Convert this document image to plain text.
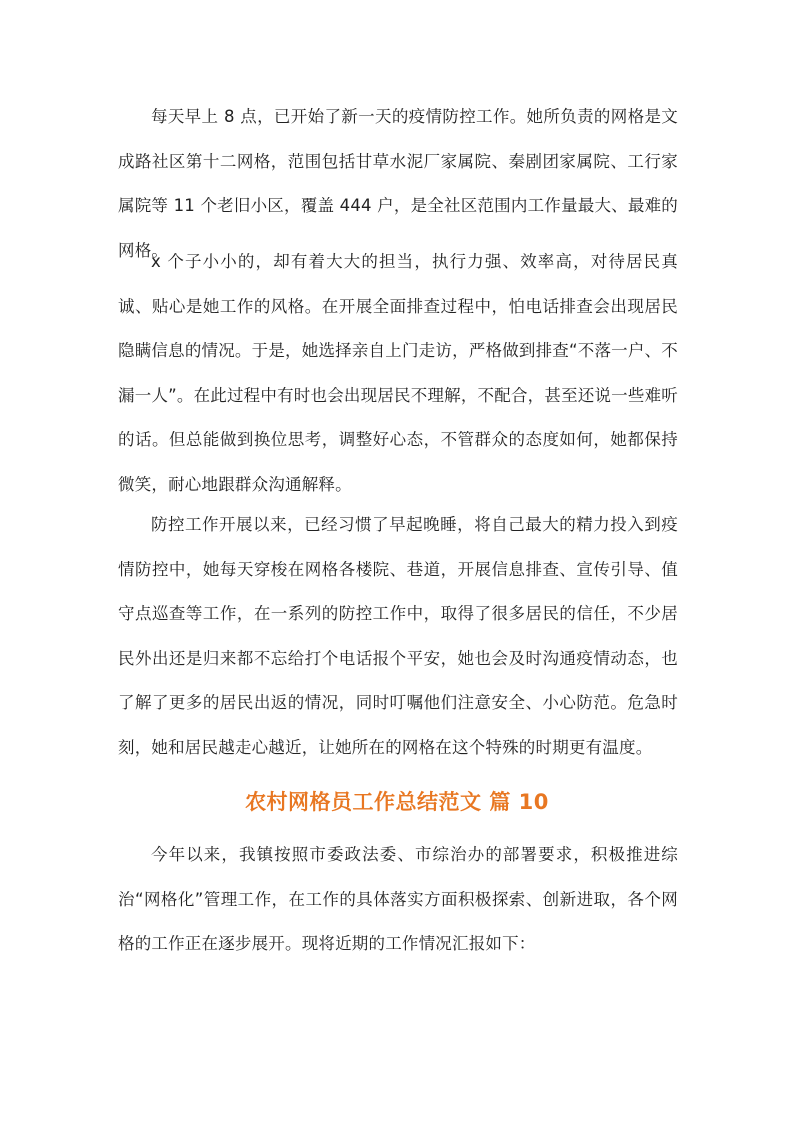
每天早上 8 点，已开始了新一天的疫情防控工作。她所负责的网格是文成路社区第十二网格，范围包括甘草水泥厂家属院、秦剧团家属院、工行家属院等 11 个老旧小区，覆盖 444 户，是全社区范围内工作量最大、最难的网格。

x 个子小小的，却有着大大的担当，执行力强、效率高，对待居民真诚、贴心是她工作的风格。在开展全面排查过程中，怕电话排查会出现居民隐瞒信息的情况。于是，她选择亲自上门走访，严格做到排查“不落一户、不漏一人”。在此过程中有时也会出现居民不理解，不配合，甚至还说一些难听的话。但总能做到换位思考，调整好心态，不管群众的态度如何，她都保持微笑，耐心地跟群众沟通解释。

防控工作开展以来，已经习惯了早起晚睡，将自己最大的精力投入到疫情防控中，她每天穿梭在网格各楼院、巷道，开展信息排查、宣传引导、值守点巡查等工作，在一系列的防控工作中，取得了很多居民的信任，不少居民外出还是归来都不忘给打个电话报个平安，她也会及时沟通疫情动态，也了解了更多的居民出返的情况，同时叮嘱他们注意安全、小心防范。危急时刻，她和居民越走心越近，让她所在的网格在这个特殊的时期更有温度。

农村网格员工作总结范文 篇 10

今年以来，我镇按照市委政法委、市综治办的部署要求，积极推进综治“网格化”管理工作，在工作的具体落实方面积极探索、创新进取，各个网格的工作正在逐步展开。现将近期的工作情况汇报如下：
